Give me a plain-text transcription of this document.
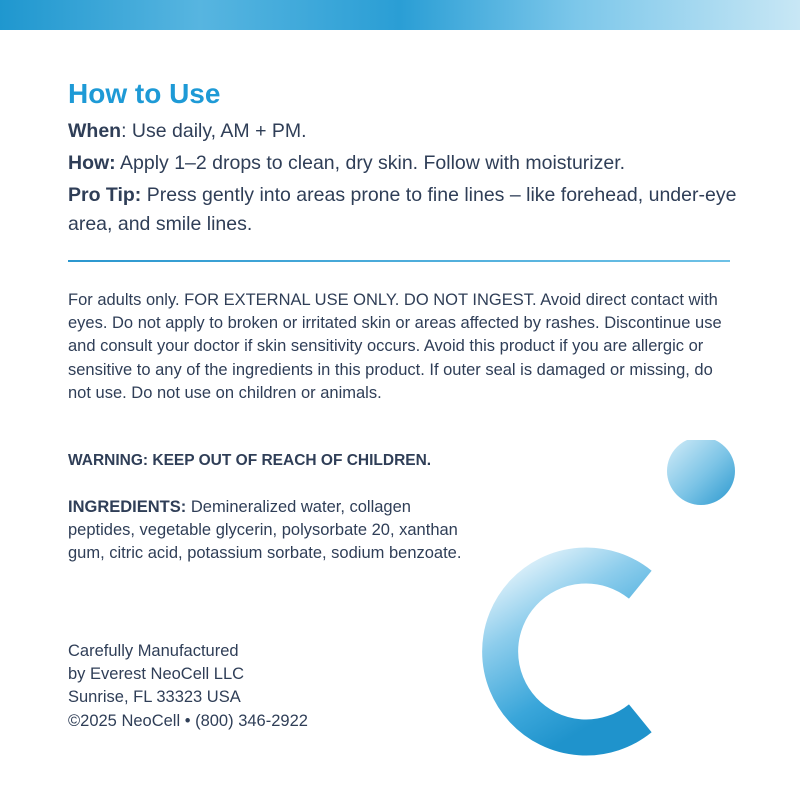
How to Use

When: Use daily, AM + PM.

How: Apply 1–2 drops to clean, dry skin. Follow with moisturizer.

Pro Tip: Press gently into areas prone to fine lines – like forehead, under-eye area, and smile lines.

For adults only. FOR EXTERNAL USE ONLY. DO NOT INGEST. Avoid direct contact with eyes. Do not apply to broken or irritated skin or areas affected by rashes. Discontinue use and consult your doctor if skin sensitivity occurs. Avoid this product if you are allergic or sensitive to any of the ingredients in this product. If outer seal is damaged or missing, do not use. Do not use on children or animals.

WARNING: KEEP OUT OF REACH OF CHILDREN.

INGREDIENTS: Demineralized water, collagen peptides, vegetable glycerin, polysorbate 20, xanthan gum, citric acid, potassium sorbate, sodium benzoate.

Carefully Manufactured
by Everest NeoCell LLC
Sunrise, FL 33323 USA
©2025 NeoCell • (800) 346-2922
